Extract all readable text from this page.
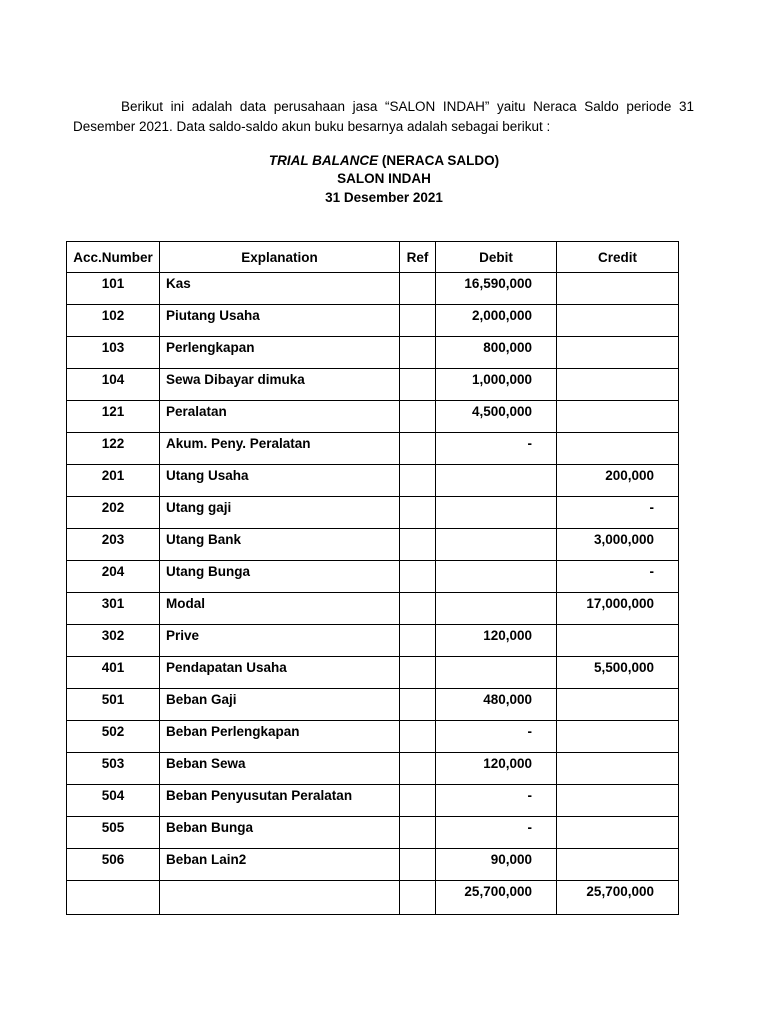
Berikut ini adalah data perusahaan jasa “SALON INDAH” yaitu Neraca Saldo periode 31 Desember 2021. Data saldo-saldo akun buku besarnya adalah sebagai berikut :

TRIAL BALANCE (NERACA SALDO)

SALON INDAH

31 Desember 2021

Acc.Number	Explanation	Ref	Debit	Credit
101	Kas		16,590,000	
102	Piutang Usaha		2,000,000	
103	Perlengkapan		800,000	
104	Sewa Dibayar dimuka		1,000,000	
121	Peralatan		4,500,000	
122	Akum. Peny. Peralatan		-	
201	Utang Usaha			200,000
202	Utang gaji			-
203	Utang Bank			3,000,000
204	Utang Bunga			-
301	Modal			17,000,000
302	Prive		120,000	
401	Pendapatan Usaha			5,500,000
501	Beban Gaji		480,000	
502	Beban Perlengkapan		-	
503	Beban Sewa		120,000	
504	Beban Penyusutan Peralatan		-	
505	Beban Bunga		-	
506	Beban Lain2		90,000	
			25,700,000	25,700,000
